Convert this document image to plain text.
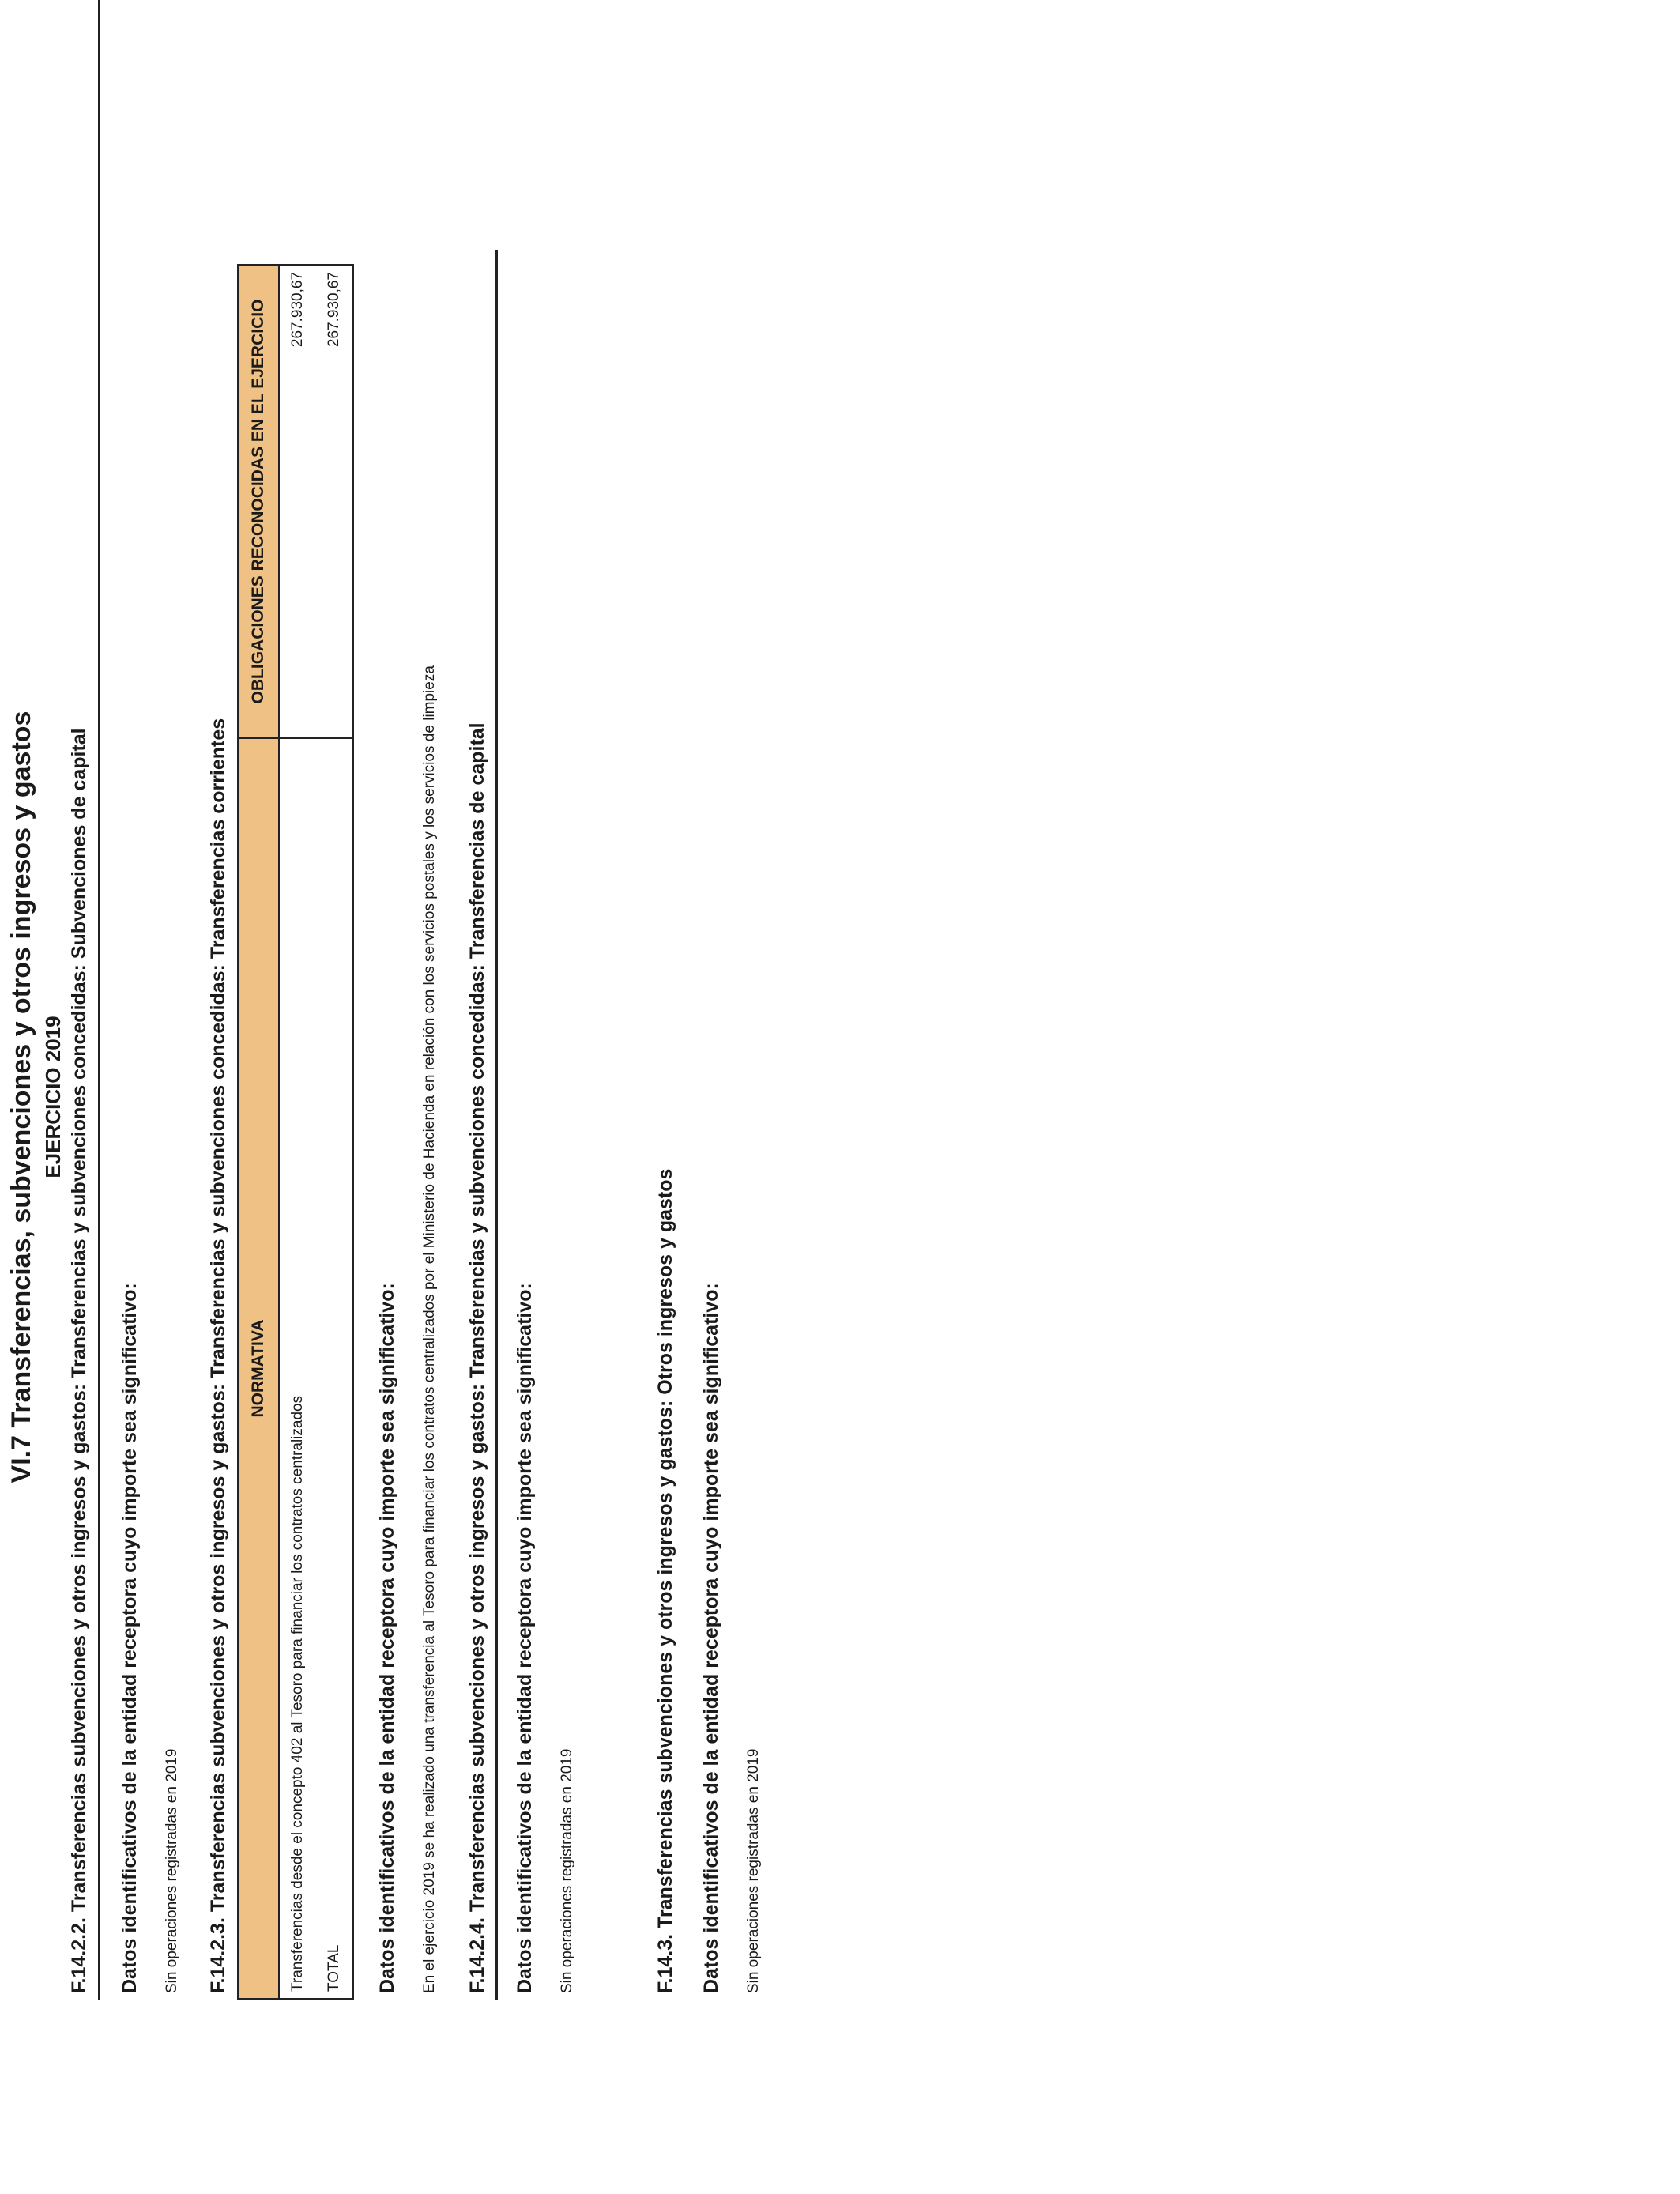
VI.7 Transferencias, subvenciones y otros ingresos y gastos EJERCICIO 2019 F.14.2.2. Transferencias subvenciones y otros ingresos y gastos: Transferencias y subvenciones concedidas: Subvenciones de capital Datos identificativos de la entidad receptora cuyo importe sea significativo: Sin operaciones registradas en 2019 F.14.2.3. Transferencias subvenciones y otros ingresos y gastos: Transferencias y subvenciones concedidas: Transferencias corrientes NORMATIVA	OBLIGACIONES RECONOCIDAS EN EL EJERCICIO
Transferencias desde el concepto 402 al Tesoro para financiar los contratos centralizados	267.930,67
TOTAL	267.930,67
Datos identificativos de la entidad receptora cuyo importe sea significativo: En el ejercicio 2019 se ha realizado una transferencia al Tesoro para financiar los contratos centralizados por el Ministerio de Hacienda en relación con los servicios postales y los servicios de limpieza F.14.2.4. Transferencias subvenciones y otros ingresos y gastos: Transferencias y subvenciones concedidas: Transferencias de capital Datos identificativos de la entidad receptora cuyo importe sea significativo: Sin operaciones registradas en 2019	F.14.3. Transferencias subvenciones y otros ingresos y gastos: Otros ingresos y gastos Datos identificativos de la entidad receptora cuyo importe sea significativo: Sin operaciones registradas en 2019
